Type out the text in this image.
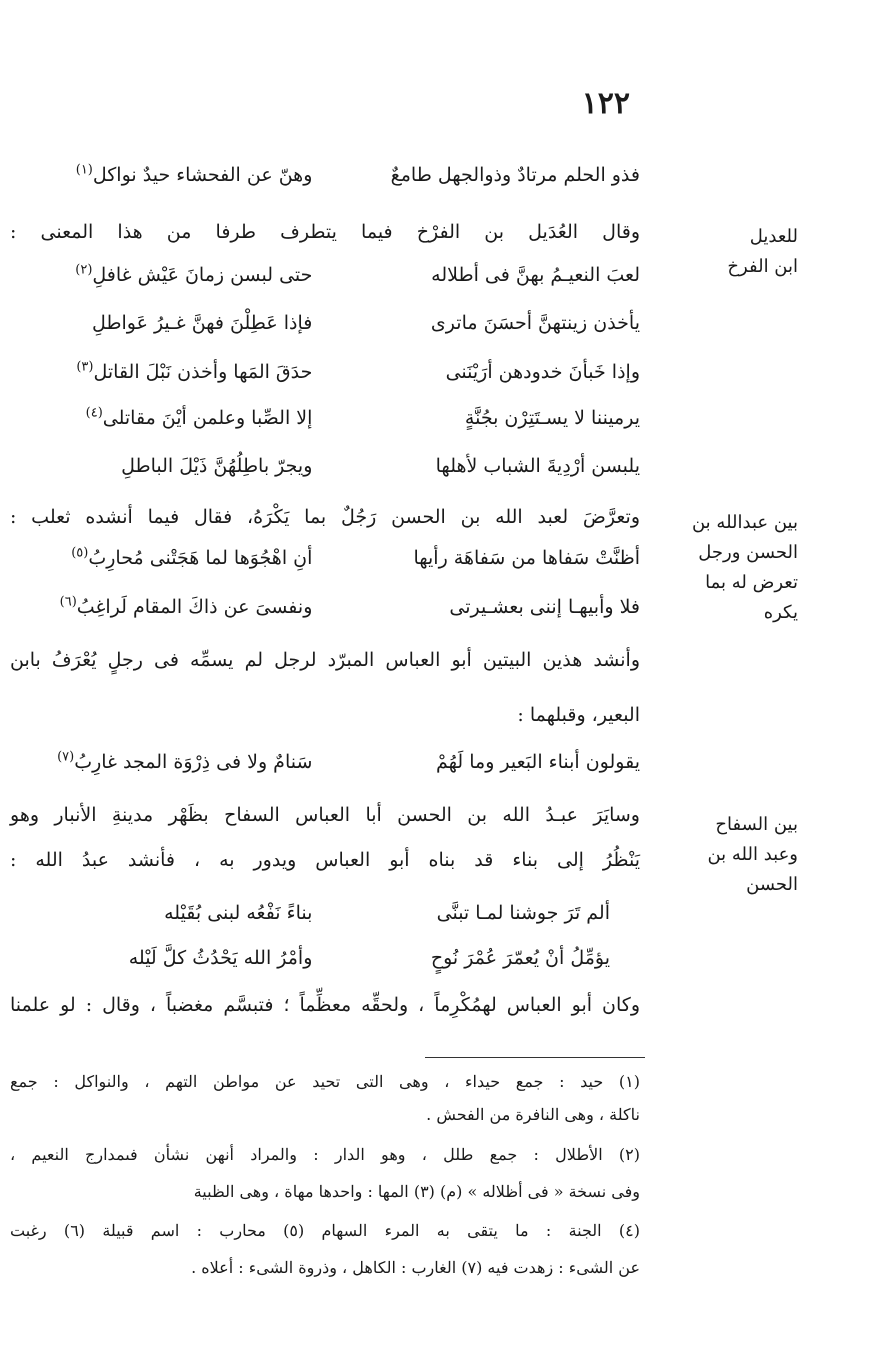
١٢٢
فذو الحلم مرتادٌ وذوالجهل طامعٌ
وهنّ عن الفحشاء حيدٌ نواكل$^{(١)}$
وقال العُدَيل بن الفرْخ فيما يتطرف طرفا من هذا المعنى :
لعبَ النعيـمُ بهنَّ فى أطلاله
حتى لبسن زمانَ عَيْش غافلِ$^{(٢)}$
يأخذن زينتهنَّ أحسَنَ ماترى
فإذا عَطِلْنَ فهنَّ غـيرُ عَواطلِ
وإذا خَبأنَ خدودهن أرَيْنَنى
حدَقَ المَها وأخذن نَبْلَ القاتل$^{(٣)}$
يرميننا لا يسـتَتِرْن بجُنَّةٍ
إلا الصِّبا وعلمن أيْنَ مقاتلى$^{(٤)}$
يلبسن أرْدِيةَ الشباب لأهلها
ويجرّ باطِلُهُنَّ ذَيْلَ الباطلِ
وتعرَّضَ لعبد الله بن الحسن رَجُلٌ بما يَكْرَهُ، فقال فيما أنشده ثعلب :
أظنَّتْ سَفاها من سَفاهَة رأيها
أنِ اهْجُوَها لما هَجَتْنى مُحارِبُ$^{(٥)}$
فلا وأبيهـا إننى بعشـيرتى
ونفسىَ عن ذاكَ المقام لَراغِبُ$^{(٦)}$
وأنشد هذين البيتين أبو العباس المبرّد لرجل لم يسمِّه فى رجلٍ يُعْرَفُ بابن
البعير، وقبلهما :
يقولون أبناء البَعير وما لَهُمْ
سَنامٌ ولا فى ذِرْوَة المجد غارِبُ$^{(٧)}$
وسايَرَ عبـدُ الله بن الحسن أبا العباس السفاح بظَهْر مدينةِ الأنبار وهو
يَنْظُرُ إلى بناء قد بناه أبو العباس ويدور به ، فأنشد عبدُ الله :
ألم تَرَ جوشنا لمـا تبنَّى
بناءً نَفْعُه لبنى بُقَيْله
يؤمِّلُ أنْ يُعمّرَ عُمْرَ نُوحٍ
وأمْرُ الله يَحْدُثُ كلَّ لَيْله
وكان أبو العباس لهمُكْرِماً ، ولحقِّه معظِّماً ؛ فتبسَّم مغضباً ، وقال : لو علمنا
للعديل
ابن الفرخ
بين عبدالله بن
الحسن ورجل
تعرض له بما
يكره
بين السفاح
وعبد الله بن
الحسن
(١) حيد : جمع حيداء ، وهى التى تحيد عن مواطن التهم ، والنواكل : جمع
ناكلة ، وهى النافرة من الفحش .
(٢) الأطلال : جمع طلل ، وهو الدار : والمراد أنهن نشأن فىمدارج النعيم ،
وفى نسخة « فى أظلاله » (م) (٣) المها : واحدها مهاة ، وهى الظبية
(٤) الجنة : ما يتقى به المرء السهام (٥) محارب : اسم قبيلة (٦) رغبت
عن الشىء : زهدت فيه (٧) الغارب : الكاهل ، وذروة الشىء : أعلاه .
